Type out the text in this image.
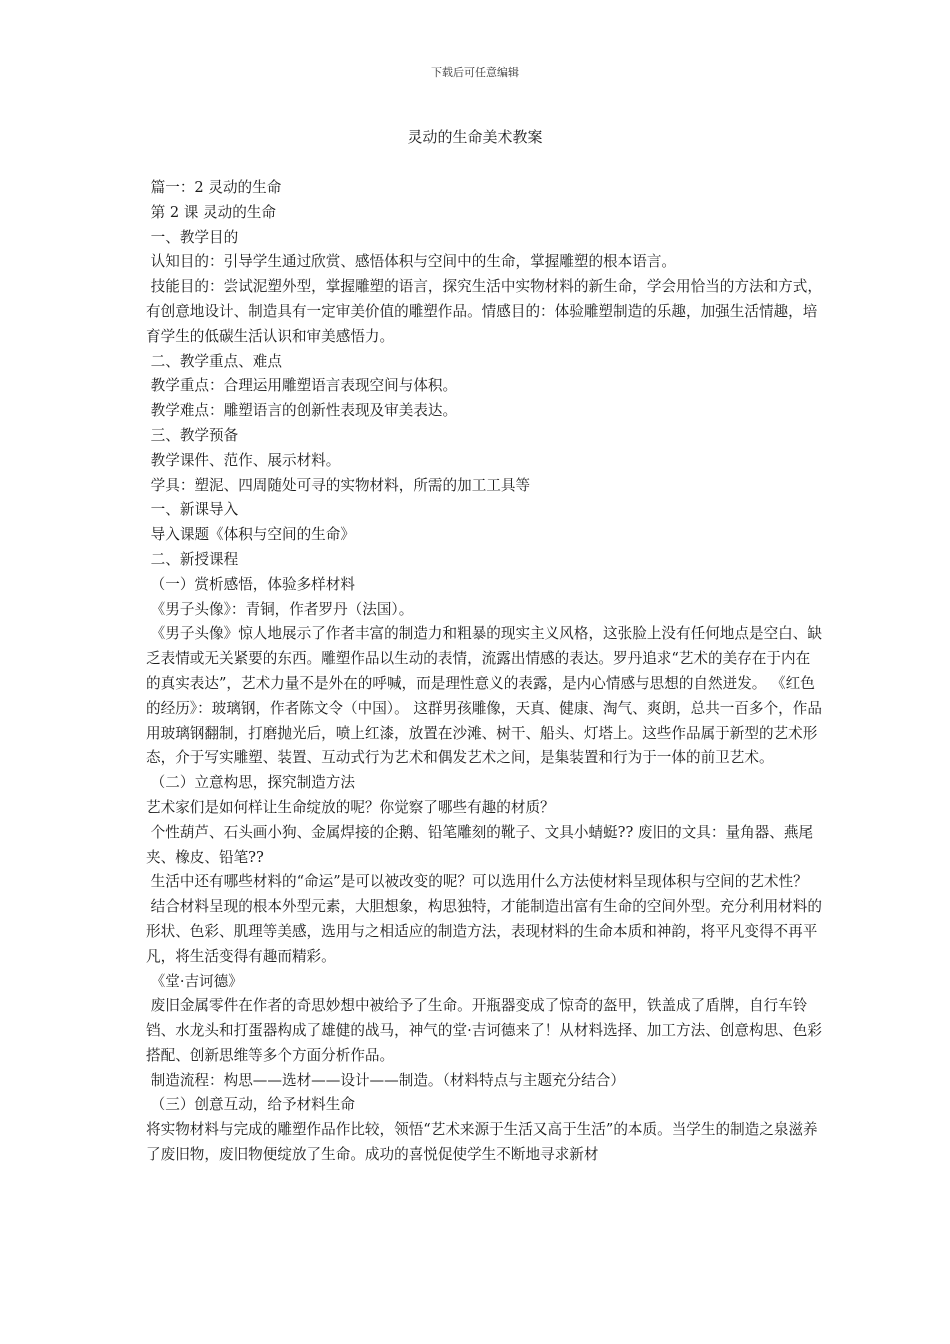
下载后可任意编辑
灵动的生命美术教案

篇一：2 灵动的生命

第 2 课 灵动的生命

一、教学目的

认知目的：引导学生通过欣赏、感悟体积与空间中的生命，掌握雕塑的根本语言。

技能目的：尝试泥塑外型，掌握雕塑的语言，探究生活中实物材料的新生命，学会用恰当的方法和方式，有创意地设计、制造具有一定审美价值的雕塑作品。情感目的：体验雕塑制造的乐趣，加强生活情趣，培育学生的低碳生活认识和审美感悟力。

二、教学重点、难点

教学重点：合理运用雕塑语言表现空间与体积。

教学难点：雕塑语言的创新性表现及审美表达。

三、教学预备

教学课件、范作、展示材料。

学具：塑泥、四周随处可寻的实物材料，所需的加工工具等

一、新课导入

导入课题《体积与空间的生命》

二、新授课程

（一）赏析感悟，体验多样材料

《男子头像》：青铜，作者罗丹（法国）。

《男子头像》惊人地展示了作者丰富的制造力和粗暴的现实主义风格，这张脸上没有任何地点是空白、缺乏表情或无关紧要的东西。雕塑作品以生动的表情，流露出情感的表达。罗丹追求“艺术的美存在于内在的真实表达”，艺术力量不是外在的呼喊，而是理性意义的表露，是内心情感与思想的自然迸发。 《红色的经历》：玻璃钢，作者陈文令（中国）。 这群男孩雕像，天真、健康、淘气、爽朗，总共一百多个，作品用玻璃钢翻制，打磨抛光后，喷上红漆，放置在沙滩、树干、船头、灯塔上。这些作品属于新型的艺术形态，介于写实雕塑、装置、互动式行为艺术和偶发艺术之间，是集装置和行为于一体的前卫艺术。

（二）立意构思，探究制造方法

艺术家们是如何样让生命绽放的呢？你觉察了哪些有趣的材质？

个性葫芦、石头画小狗、金属焊接的企鹅、铅笔雕刻的靴子、文具小蜻蜓?? 废旧的文具：量角器、燕尾夹、橡皮、铅笔??

生活中还有哪些材料的“命运”是可以被改变的呢？可以选用什么方法使材料呈现体积与空间的艺术性？

结合材料呈现的根本外型元素，大胆想象，构思独特，才能制造出富有生命的空间外型。充分利用材料的形状、色彩、肌理等美感，选用与之相适应的制造方法，表现材料的生命本质和神韵，将平凡变得不再平凡，将生活变得有趣而精彩。

《堂·吉诃德》

废旧金属零件在作者的奇思妙想中被给予了生命。开瓶器变成了惊奇的盔甲，铁盖成了盾牌，自行车铃铛、水龙头和打蛋器构成了雄健的战马，神气的堂·吉诃德来了！从材料选择、加工方法、创意构思、色彩搭配、创新思维等多个方面分析作品。

制造流程：构思——选材——设计——制造。（材料特点与主题充分结合）

（三）创意互动，给予材料生命

将实物材料与完成的雕塑作品作比较，领悟“艺术来源于生活又高于生活”的本质。当学生的制造之泉滋养了废旧物，废旧物便绽放了生命。成功的喜悦促使学生不断地寻求新材
